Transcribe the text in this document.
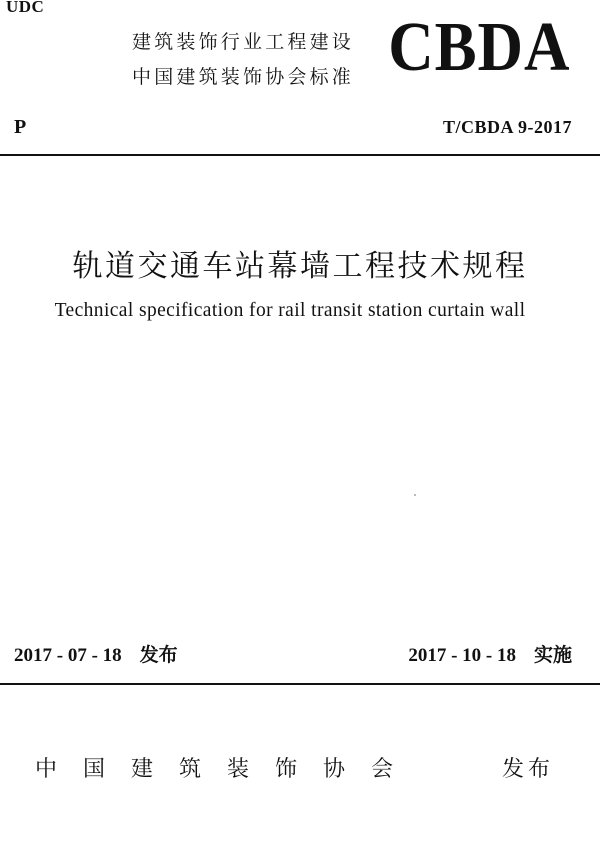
UDC
建筑装饰行业工程建设
中国建筑装饰协会标准 CBDA
P	T/CBDA 9-2017
轨道交通车站幕墙工程技术规程
Technical specification for rail transit station curtain wall
2017 - 07 - 18 发布	2017 - 10 - 18 实施
中国建筑装饰协会	发布
